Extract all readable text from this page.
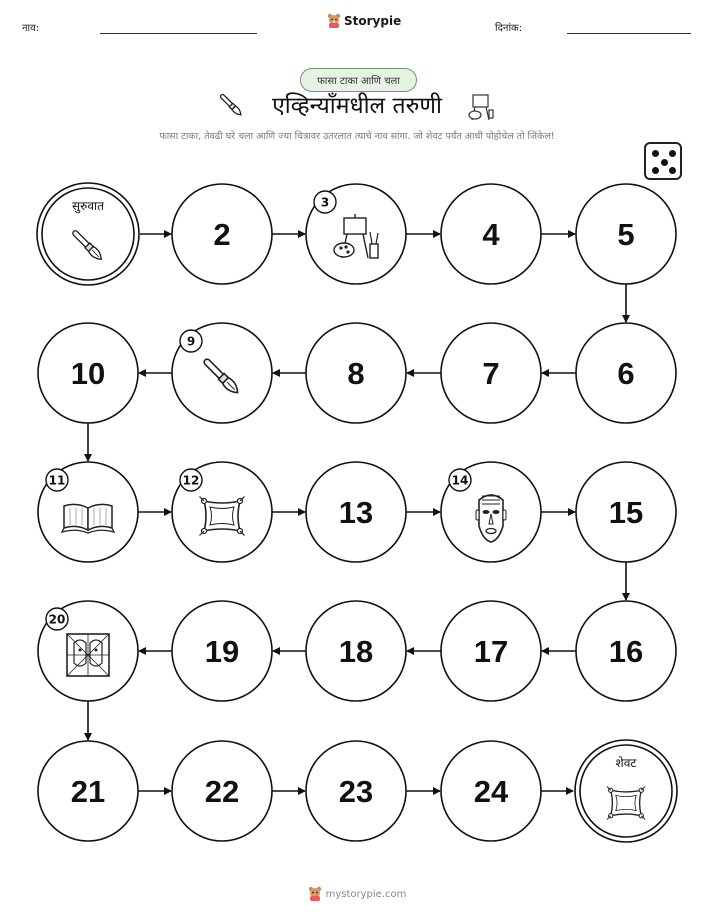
नाव:
Storypie
दिनांक:
फासा टाका आणि चला
एव्हिन्यॉंमधील तरुणी
फासा टाका, तेवढी घरे चला आणि ज्या चित्रावर उतरलात त्याचे नाव सांगा. जो शेवट पर्यंत आधी पोहोचेल तो जिंकेल!
सुरुवात
2
3
4	5
6
7
8
9
10
11	12
13
14
15
16
17
18
19
20
21	22	23	24
शेवट
mystorypie.com
